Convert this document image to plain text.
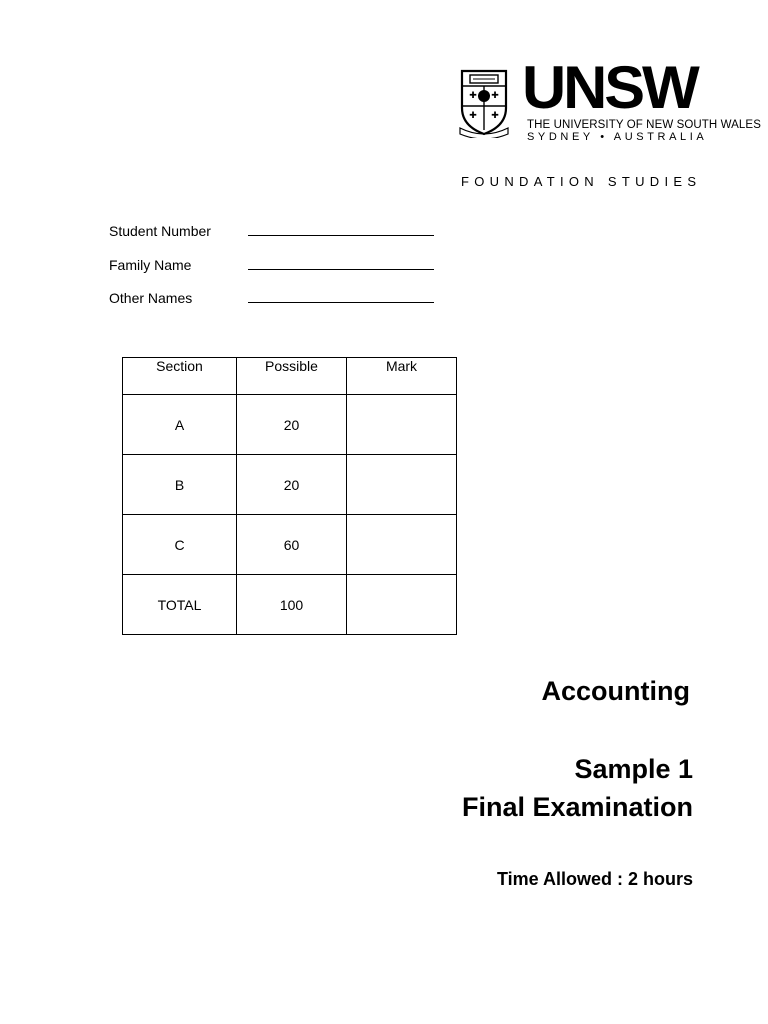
✚ ✚
✚ ✚ UNSW
THE UNIVERSITY OF NEW SOUTH WALES
SYDNEY • AUSTRALIA
FOUNDATION STUDIES
Student Number
Family Name
Other Names
Section	Possible	Mark
A	20	
B	20	
C	60	
TOTAL	100	
Accounting
Sample 1
Final Examination
Time Allowed : 2 hours
